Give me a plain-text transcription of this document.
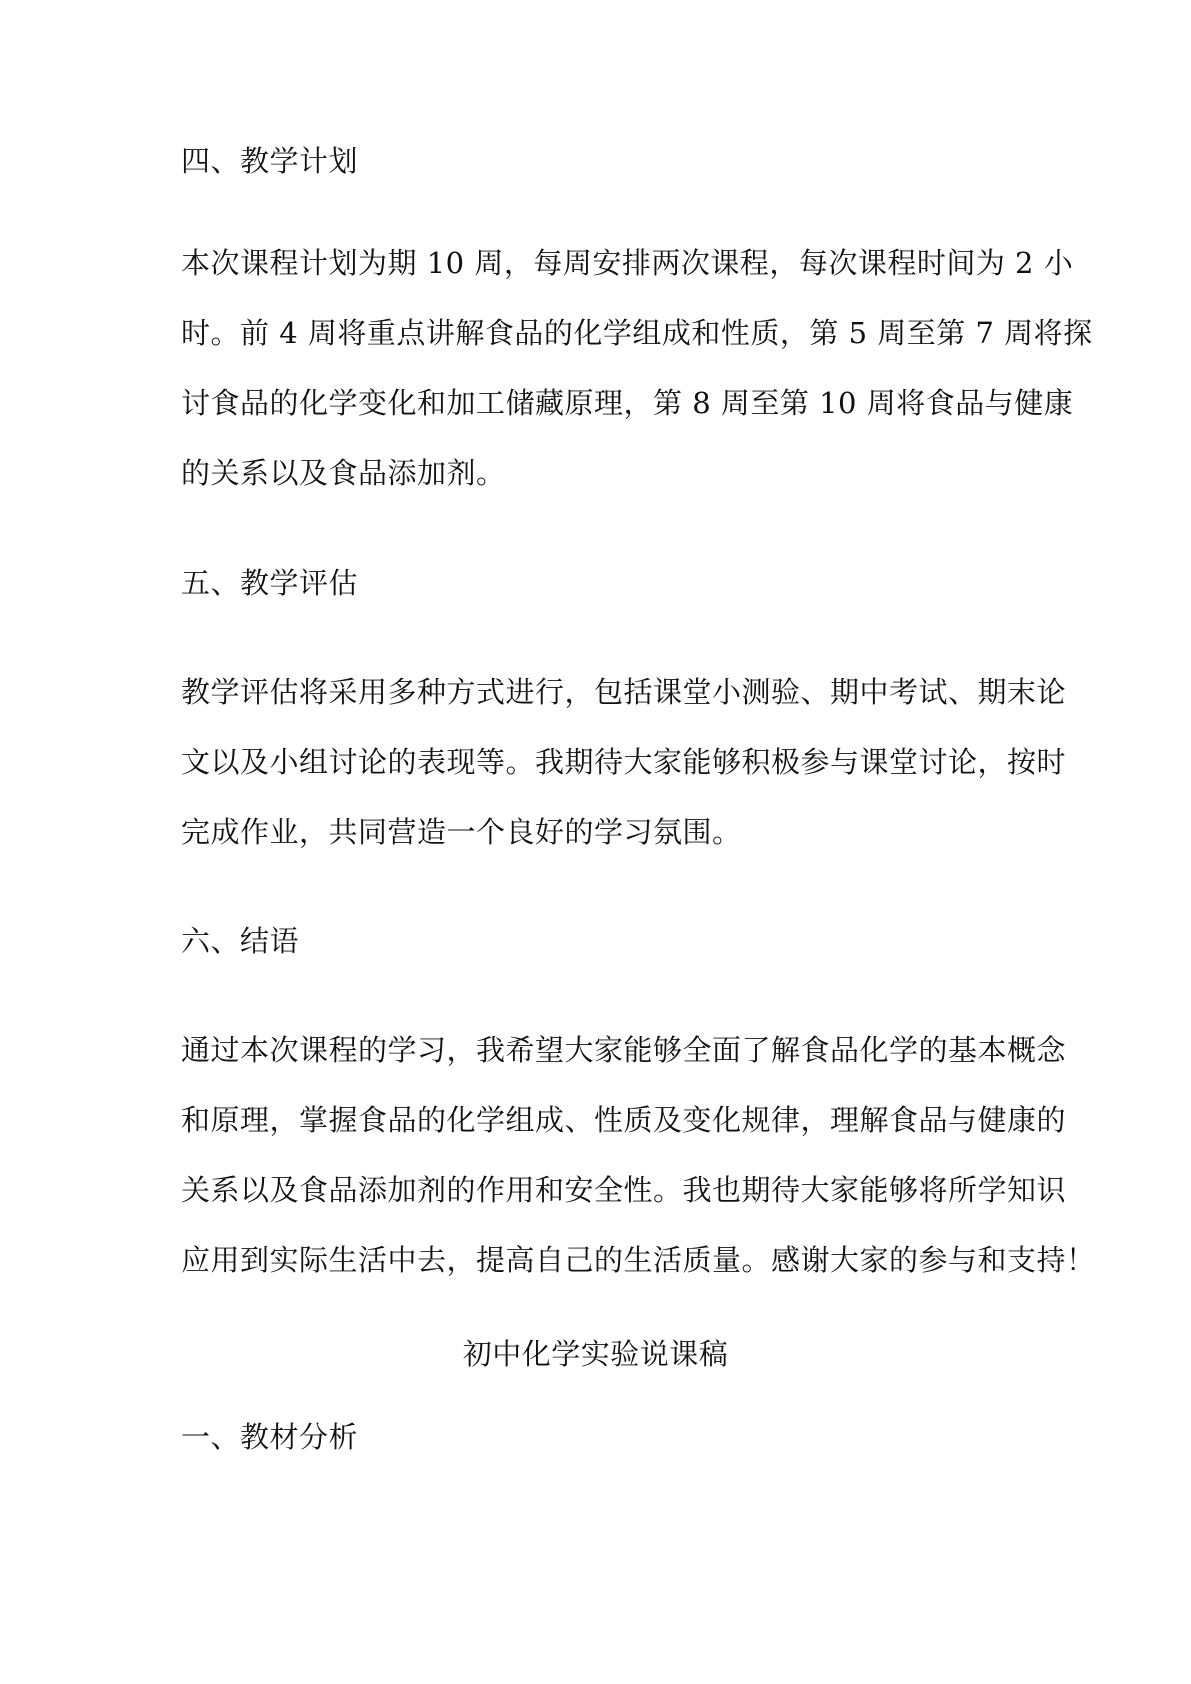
四、教学计划
本次课程计划为期 10 周，每周安排两次课程，每次课程时间为 2 小
时。前 4 周将重点讲解食品的化学组成和性质，第 5 周至第 7 周将探
讨食品的化学变化和加工储藏原理，第 8 周至第 10 周将食品与健康
的关系以及食品添加剂。
五、教学评估
教学评估将采用多种方式进行，包括课堂小测验、期中考试、期末论
文以及小组讨论的表现等。我期待大家能够积极参与课堂讨论，按时
完成作业，共同营造一个良好的学习氛围。
六、结语
通过本次课程的学习，我希望大家能够全面了解食品化学的基本概念
和原理，掌握食品的化学组成、性质及变化规律，理解食品与健康的
关系以及食品添加剂的作用和安全性。我也期待大家能够将所学知识
应用到实际生活中去，提高自己的生活质量。感谢大家的参与和支持！
初中化学实验说课稿
一、教材分析
